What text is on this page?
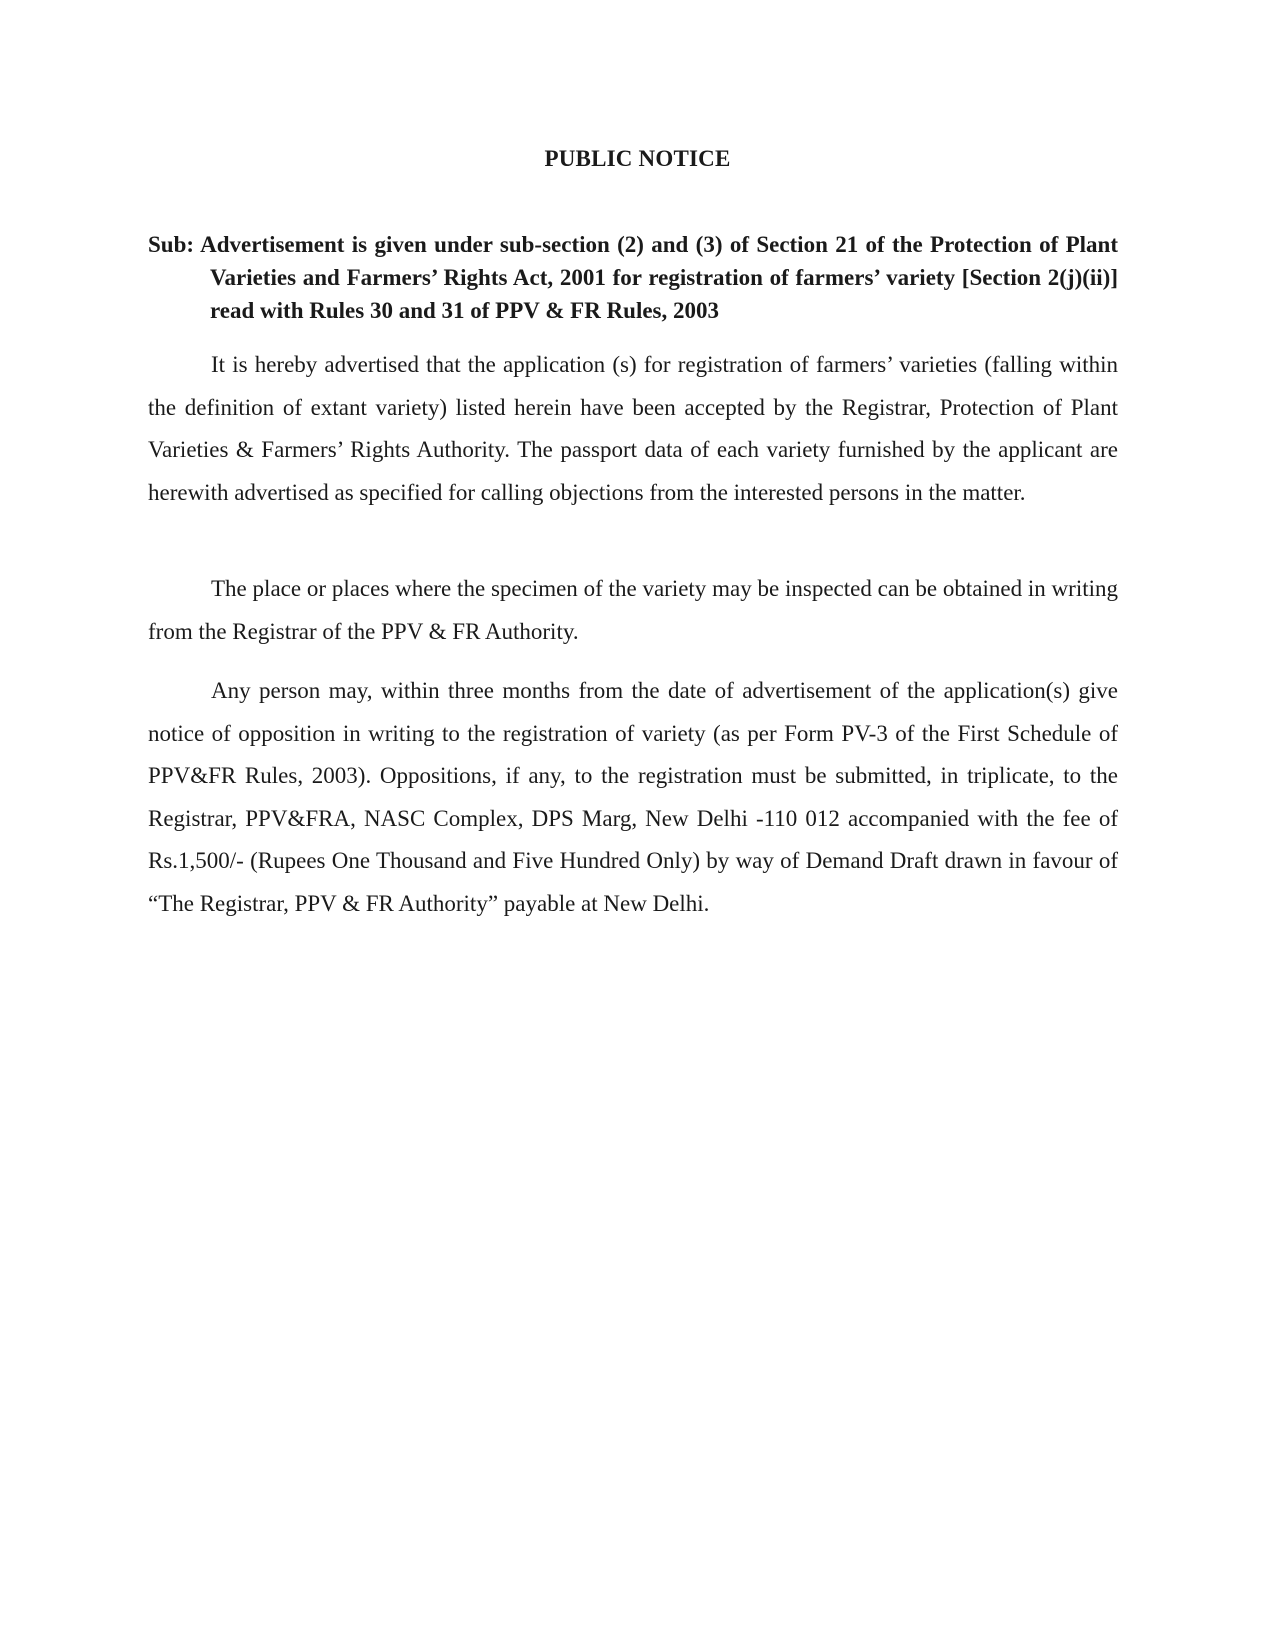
PUBLIC NOTICE
Sub: Advertisement is given under sub-section (2) and (3) of Section 21 of the Protection of Plant Varieties and Farmers’ Rights Act, 2001 for registration of farmers’ variety [Section 2(j)(ii)] read with Rules 30 and 31 of PPV & FR Rules, 2003

It is hereby advertised that the application (s) for registration of farmers’ varieties (falling within the definition of extant variety) listed herein have been accepted by the Registrar, Protection of Plant Varieties & Farmers’ Rights Authority. The passport data of each variety furnished by the applicant are herewith advertised as specified for calling objections from the interested persons in the matter.

The place or places where the specimen of the variety may be inspected can be obtained in writing from the Registrar of the PPV & FR Authority.

Any person may, within three months from the date of advertisement of the application(s) give notice of opposition in writing to the registration of variety (as per Form PV-3 of the First Schedule of PPV&FR Rules, 2003). Oppositions, if any, to the registration must be submitted, in triplicate, to the Registrar, PPV&FRA, NASC Complex, DPS Marg, New Delhi -110 012 accompanied with the fee of Rs.1,500/- (Rupees One Thousand and Five Hundred Only) by way of Demand Draft drawn in favour of “The Registrar, PPV & FR Authority” payable at New Delhi.
